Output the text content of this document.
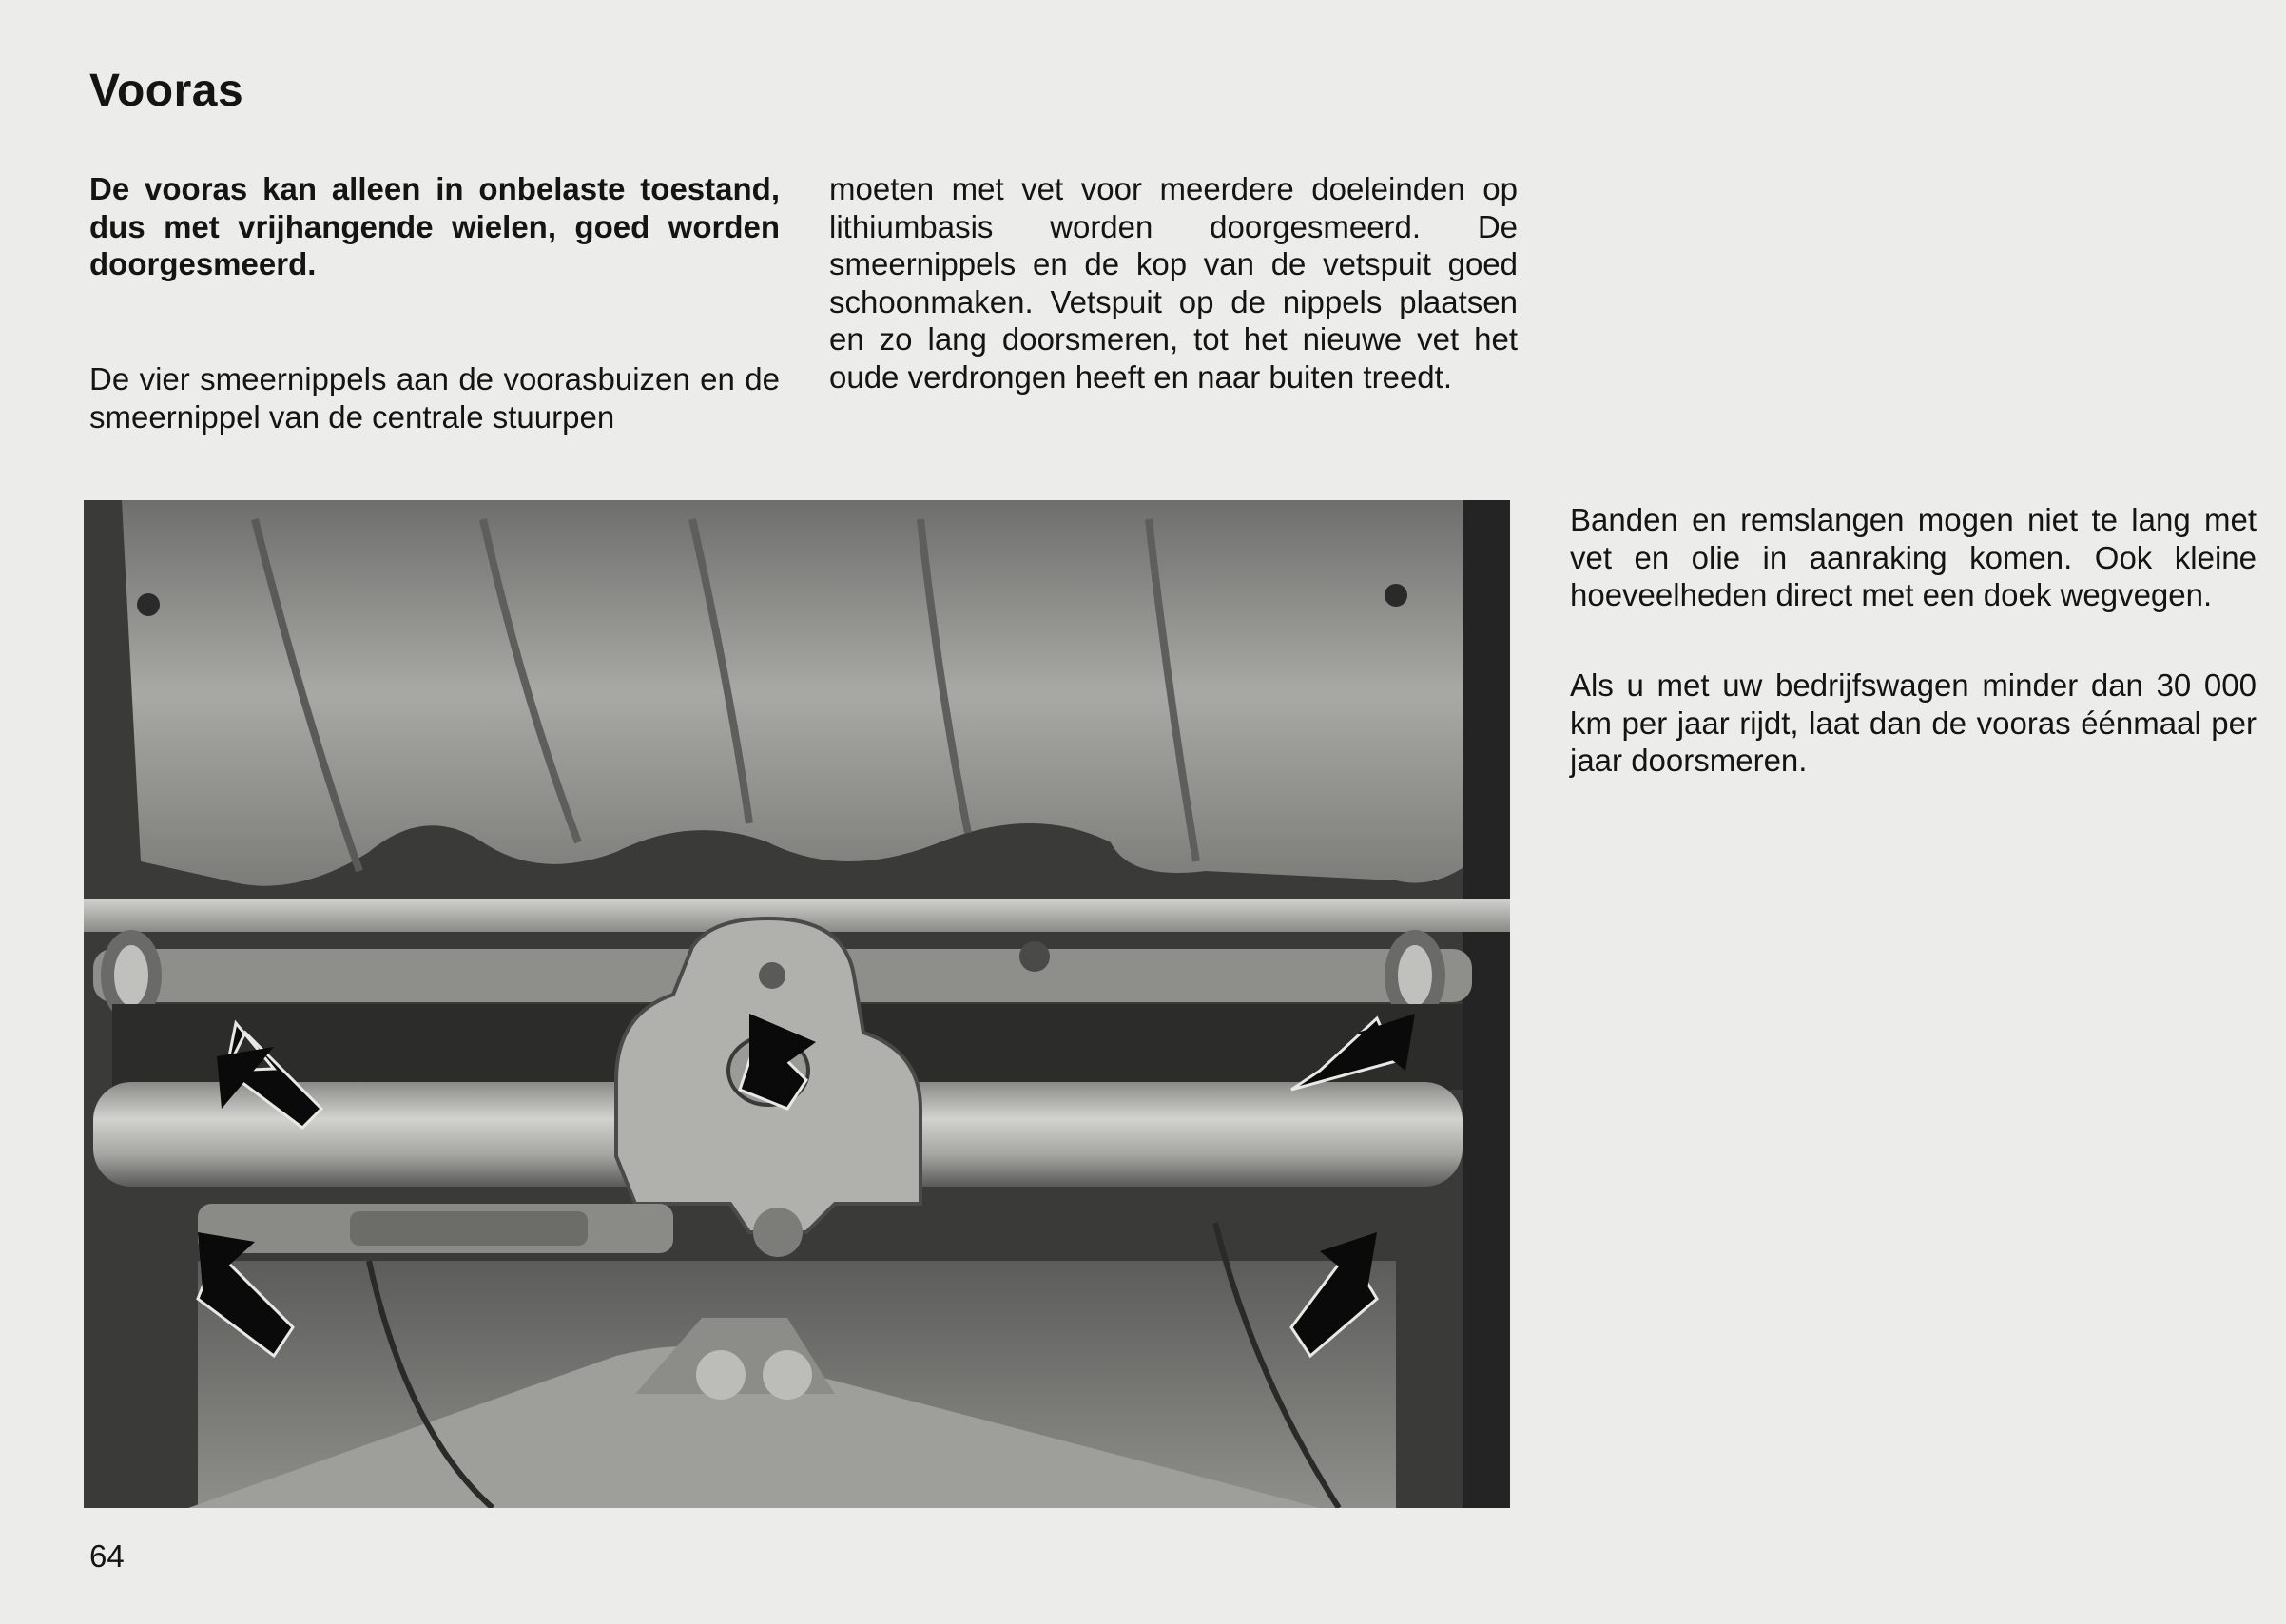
Vooras

De vooras kan alleen in onbelaste toestand, dus met vrijhangende wielen, goed worden doorgesmeerd.

De vier smeernippels aan de voorasbuizen en de smeernippel van de centrale stuurpen

moeten met vet voor meerdere doeleinden op lithiumbasis worden doorgesmeerd. De smeernippels en de kop van de vetspuit goed schoonmaken. Vetspuit op de nippels plaatsen en zo lang doorsmeren, tot het nieuwe vet het oude verdrongen heeft en naar buiten treedt.

Banden en remslangen mogen niet te lang met vet en olie in aanraking komen. Ook kleine hoeveelheden direct met een doek wegvegen.

Als u met uw bedrijfswagen minder dan 30 000 km per jaar rijdt, laat dan de vooras éénmaal per jaar doorsmeren.

64
